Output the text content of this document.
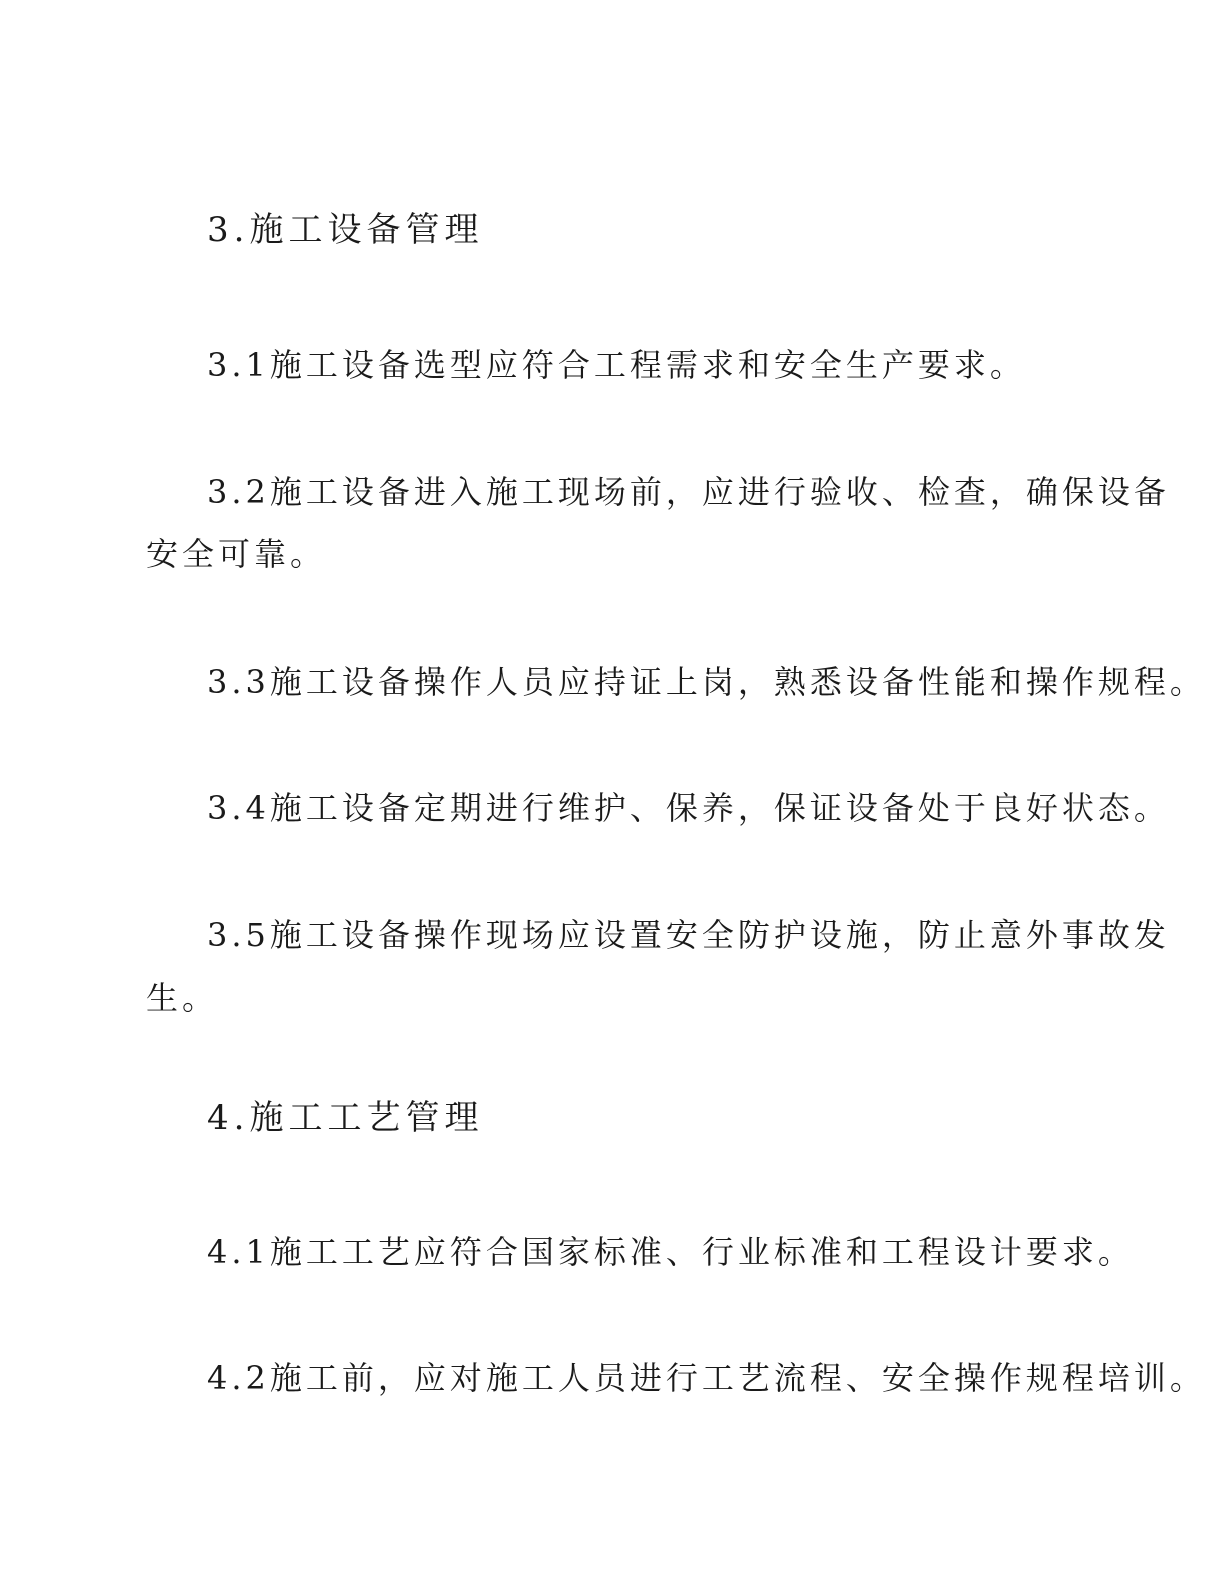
3.施工设备管理
3.1施工设备选型应符合工程需求和安全生产要求。
3.2施工设备进入施工现场前，应进行验收、检查，确保设备
安全可靠。
3.3施工设备操作人员应持证上岗，熟悉设备性能和操作规程。
3.4施工设备定期进行维护、保养，保证设备处于良好状态。
3.5施工设备操作现场应设置安全防护设施，防止意外事故发
生。
4.施工工艺管理
4.1施工工艺应符合国家标准、行业标准和工程设计要求。
4.2施工前，应对施工人员进行工艺流程、安全操作规程培训。
